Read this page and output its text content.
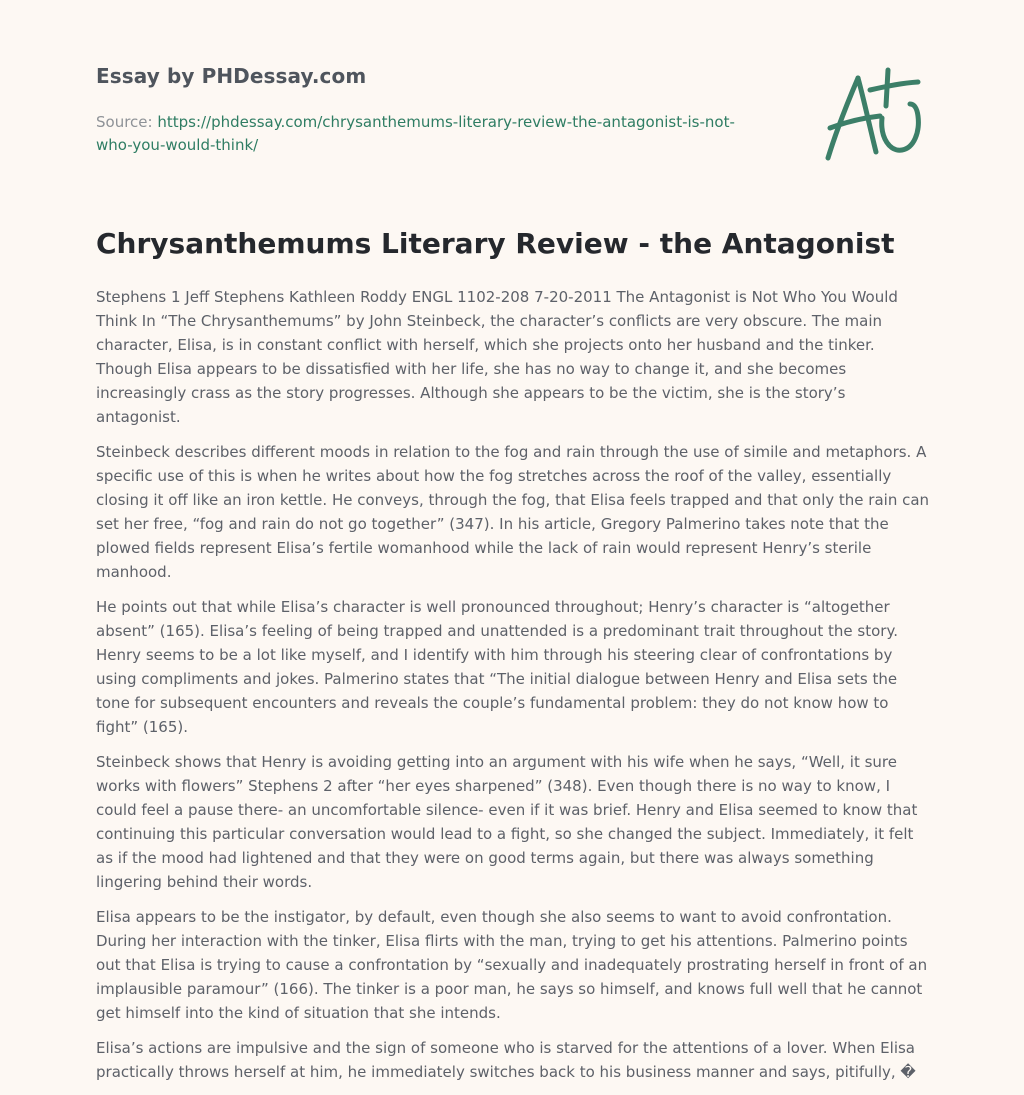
Essay by PHDessay.com
Source: https://phdessay.com/chrysanthemums-literary-review-the-antagonist-is-not-who-you-would-think/
Chrysanthemums Literary Review - the Antagonist

Stephens 1 Jeff Stephens Kathleen Roddy ENGL 1102-208 7-20-2011 The Antagonist is Not Who You Would Think In “The Chrysanthemums” by John Steinbeck, the character’s conflicts are very obscure. The main character, Elisa, is in constant conflict with herself, which she projects onto her husband and the tinker. Though Elisa appears to be dissatisfied with her life, she has no way to change it, and she becomes increasingly crass as the story progresses. Although she appears to be the victim, she is the story’s antagonist.

Steinbeck describes different moods in relation to the fog and rain through the use of simile and metaphors. A specific use of this is when he writes about how the fog stretches across the roof of the valley, essentially closing it off like an iron kettle. He conveys, through the fog, that Elisa feels trapped and that only the rain can set her free, “fog and rain do not go together” (347). In his article, Gregory Palmerino takes note that the plowed fields represent Elisa’s fertile womanhood while the lack of rain would represent Henry’s sterile manhood.

He points out that while Elisa’s character is well pronounced throughout; Henry’s character is “altogether absent” (165). Elisa’s feeling of being trapped and unattended is a predominant trait throughout the story. Henry seems to be a lot like myself, and I identify with him through his steering clear of confrontations by using compliments and jokes. Palmerino states that “The initial dialogue between Henry and Elisa sets the tone for subsequent encounters and reveals the couple’s fundamental problem: they do not know how to fight” (165).

Steinbeck shows that Henry is avoiding getting into an argument with his wife when he says, “Well, it sure works with flowers” Stephens 2 after “her eyes sharpened” (348). Even though there is no way to know, I could feel a pause there- an uncomfortable silence- even if it was brief. Henry and Elisa seemed to know that continuing this particular conversation would lead to a fight, so she changed the subject. Immediately, it felt as if the mood had lightened and that they were on good terms again, but there was always something lingering behind their words.

Elisa appears to be the instigator, by default, even though she also seems to want to avoid confrontation. During her interaction with the tinker, Elisa flirts with the man, trying to get his attentions. Palmerino points out that Elisa is trying to cause a confrontation by “sexually and inadequately prostrating herself in front of an implausible paramour” (166). The tinker is a poor man, he says so himself, and knows full well that he cannot get himself into the kind of situation that she intends.

Elisa’s actions are impulsive and the sign of someone who is starved for the attentions of a lover. When Elisa practically throws herself at him, he immediately switches back to his business manner and says, pitifully, �
